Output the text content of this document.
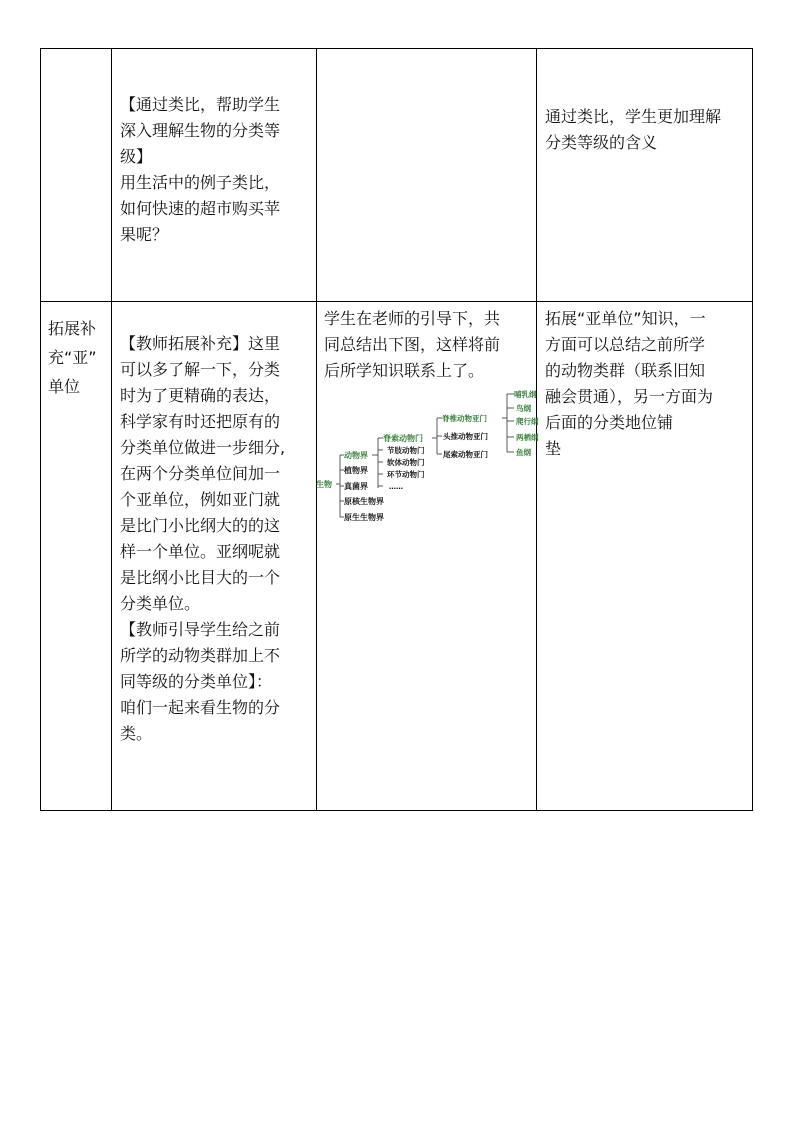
【通过类比，帮助学生
深入理解生物的分类等
级】

用生活中的例子类比，
如何快速的超市购买苹
果呢？

通过类比，学生更加理解
分类等级的含义

拓展补
充“亚”
单位

【教师拓展补充】这里
可以多了解一下，分类
时为了更精确的表达，
科学家有时还把原有的
分类单位做进一步细分,
在两个分类单位间加一
个亚单位，例如亚门就
是比门小比纲大的的这
样一个单位。亚纲呢就
是比纲小比目大的一个
分类单位。

【教师引导学生给之前
所学的动物类群加上不
同等级的分类单位】：
咱们一起来看生物的分
类。

学生在老师的引导下，共
同总结出下图，这样将前
后所学知识联系上了。

拓展“亚单位”知识，一
方面可以总结之前所学
的动物类群（联系旧知
融会贯通），另一方面为
后面的分类地位铺
垫

生物
动物界
植物界
真菌界
原核生物界
原生生物界
脊索动物门
节肢动物门
软体动物门
环节动物门
……
脊椎动物亚门
头推动物亚门
尾索动物亚门
哺乳纲
鸟纲
爬行纲
两栖纲
鱼纲
